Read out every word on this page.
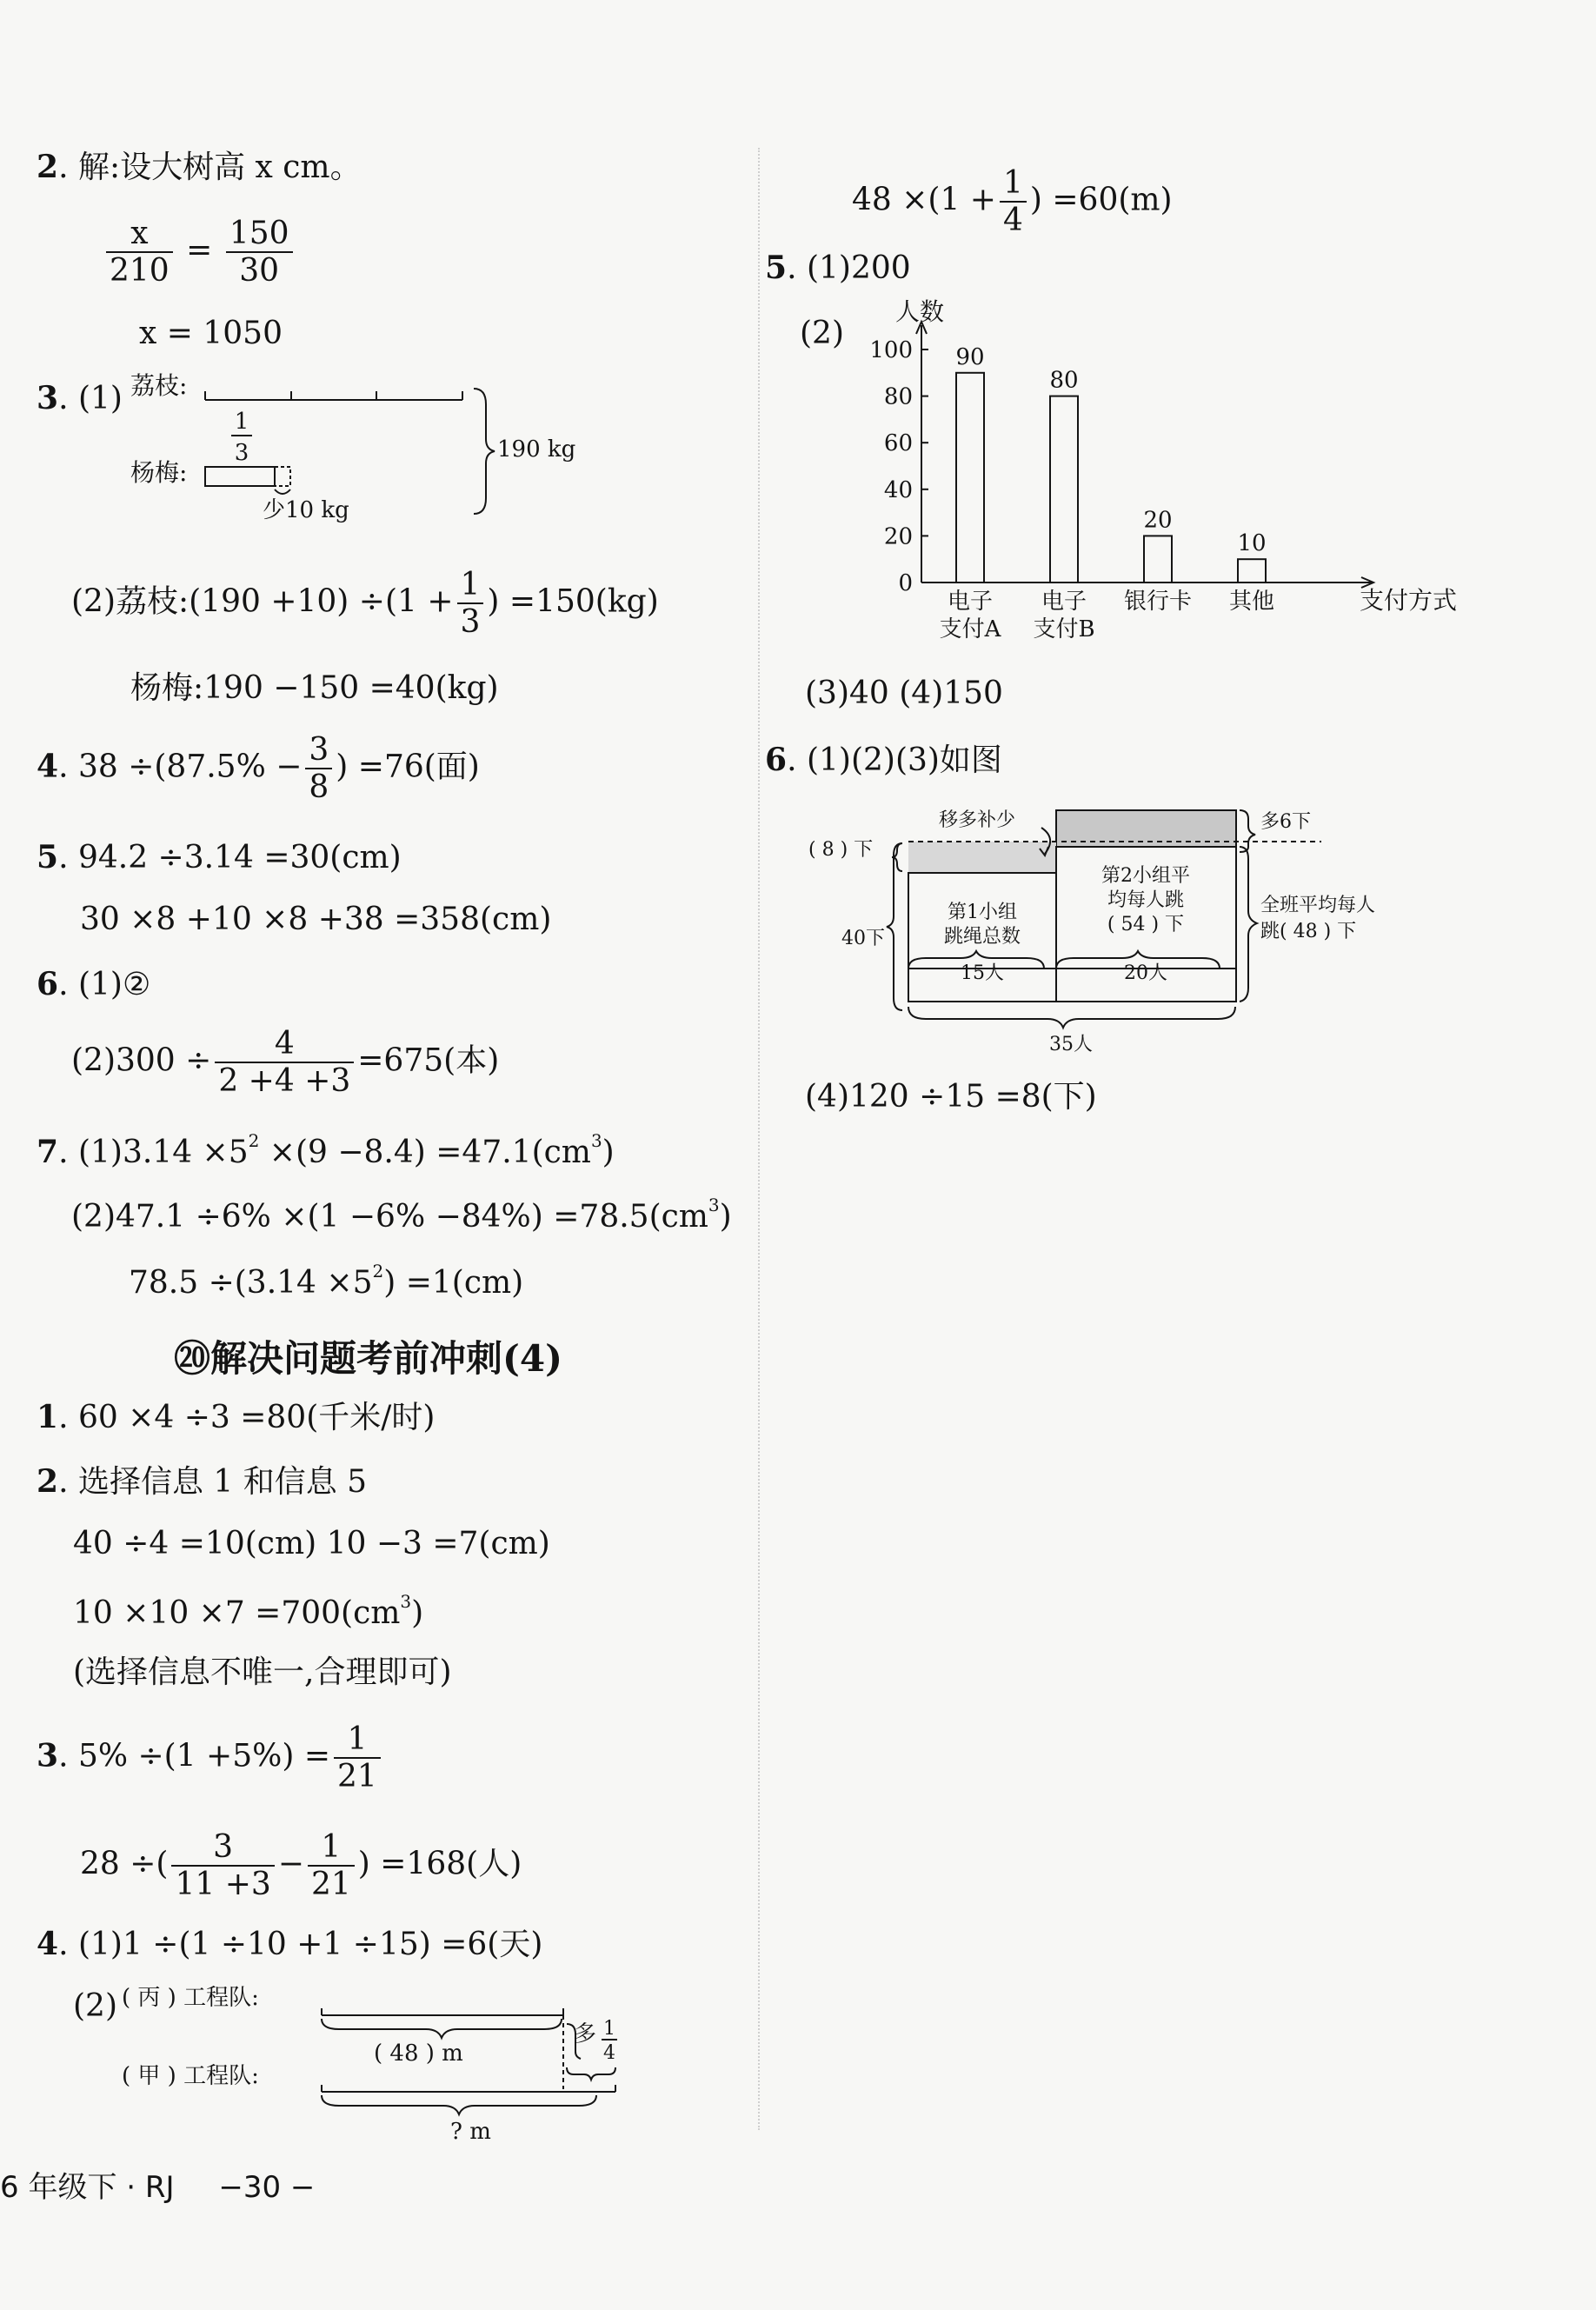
2. 解:设大树高 x cm。
$\frac{x}{210} = \frac{150}{30}$
x = 1050
3. (1) 荔枝:
1
3
杨梅:
少10 kg
190 kg
(2)荔枝:(190 $+10) \div(1 + \frac{1}{3}$ ) =150(kg)
杨梅:190 −150 =40(kg)
4. $38 \div(87.5\% - \frac{3}{8}$ ) =76(面)
5. 94.2 ÷3.14 =30(cm)
30 ×8 +10 ×8 +38 =358(cm)
6. (1)②
$(2)300 \div \frac{4}{2 +4 +3} =675$(本)
7. $(1)3.14 \times 5^2 \times(9 -8.4) =47.1(cm^3)$
$(2)47.1 \div 6\% \times(1 -6\% -84\%) =78.5(cm^3)$
$78.5 \div(3.14 \times 5^2) =1(cm)$
⑳解决问题考前冲刺(4)
1. 60 ×4 ÷3 =80(千米/时)
2. 选择信息 1 和信息 5
40 ÷4 =10(cm) 10 −3 =7(cm)
$10 \times 10 \times 7 =700(cm^3)$
(选择信息不唯一,合理即可)
3. $5\% \div(1 +5\%) = \frac{1}{21}$
28 ÷( $\frac{3}{11 +3} - \frac{1}{21}$ ) =168(人)
4. (1)1 ÷(1 ÷10 +1 ÷15) =6(天)
(2) ( 丙 ) 工程队:
( 48 ) m
多 1
4
( 甲 ) 工程队:
? m
$48 \times(1 + \frac{1}{4}$ ) =60(m)
5. (1)200
(2)
人数
支付方式
0
20
40
60
80
100 90
电子
支付A
80
电子
支付B
20
银行卡
10
其他
(3)40 (4)150
6. (1)(2)(3)如图
移多补少
( 8 ) 下
40下
第1小组
跳绳总数
第2小组平
均每人跳
( 54 ) 下
15人	20人
35人
多6下
全班平均每人
跳( 48 ) 下
(4)120 ÷15 =8(下)
6 年级下 · RJ −30 −
